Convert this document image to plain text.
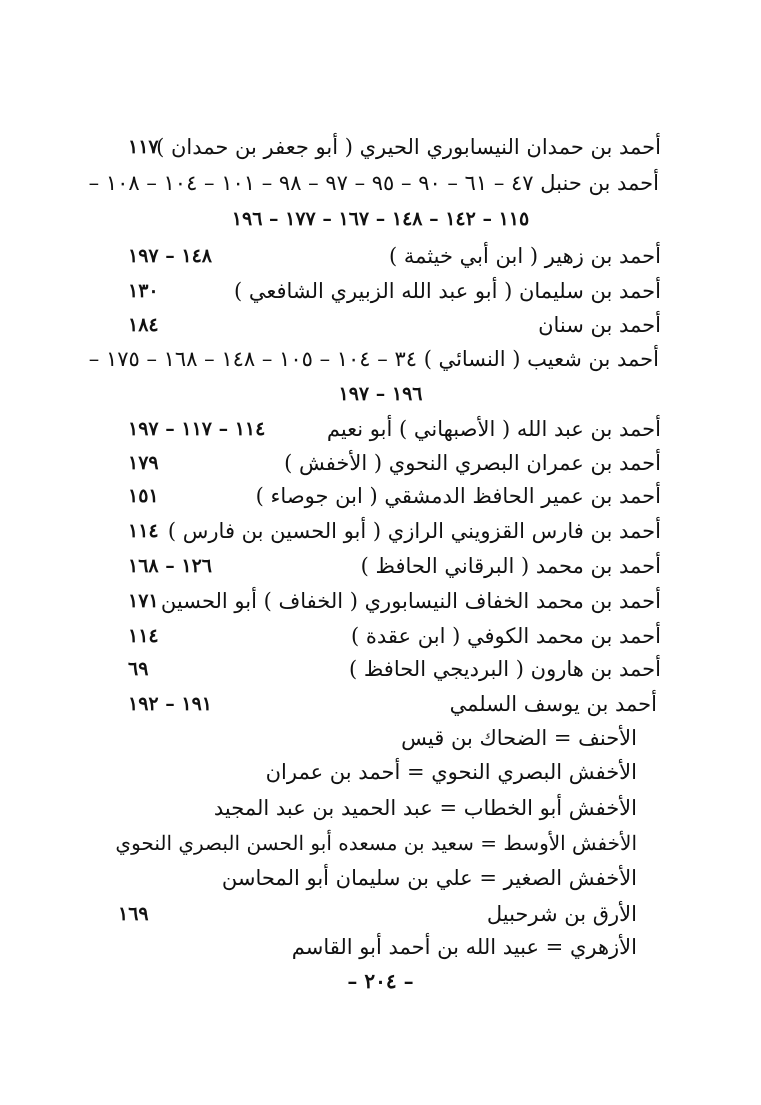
أحمد بن حمدان النيسابوري الحيري ( أبو جعفر بن حمدان )
١١٧
أحمد بن حنبل ٤٧ – ٦١ – ٩٠ – ٩٥ – ٩٧ – ٩٨ – ١٠١ – ١٠٤ – ١٠٨ –
١١٥ – ١٤٢ – ١٤٨ – ١٦٧ – ١٧٧ – ١٩٦
أحمد بن زهير ( ابن أبي خيثمة )
١٤٨ – ١٩٧
أحمد بن سليمان ( أبو عبد الله الزبيري الشافعي )
١٣٠
أحمد بن سنان
١٨٤
أحمد بن شعيب ( النسائي ) ٣٤ – ١٠٤ – ١٠٥ – ١٤٨ – ١٦٨ – ١٧٥ –
١٩٦ – ١٩٧
أحمد بن عبد الله ( الأصبهاني ) أبو نعيم
١١٤ – ١١٧ – ١٩٧
أحمد بن عمران البصري النحوي ( الأخفش )
١٧٩
أحمد بن عمير الحافظ الدمشقي ( ابن جوصاء )
١٥١
أحمد بن فارس القزويني الرازي ( أبو الحسين بن فارس )
١١٤
أحمد بن محمد ( البرقاني الحافظ )
١٢٦ – ١٦٨
أحمد بن محمد الخفاف النيسابوري ( الخفاف ) أبو الحسين
١٧١
أحمد بن محمد الكوفي ( ابن عقدة )
١١٤
أحمد بن هارون ( البرديجي الحافظ )
٦٩
أحمد بن يوسف السلمي
١٩١ – ١٩٢
الأحنف = الضحاك بن قيس
الأخفش البصري النحوي = أحمد بن عمران
الأخفش أبو الخطاب = عبد الحميد بن عبد المجيد
الأخفش الأوسط = سعيد بن مسعده أبو الحسن البصري النحوي
الأخفش الصغير = علي بن سليمان أبو المحاسن
الأرق بن شرحبيل
١٦٩
الأزهري = عبيد الله بن أحمد أبو القاسم
– ٢٠٤ –
